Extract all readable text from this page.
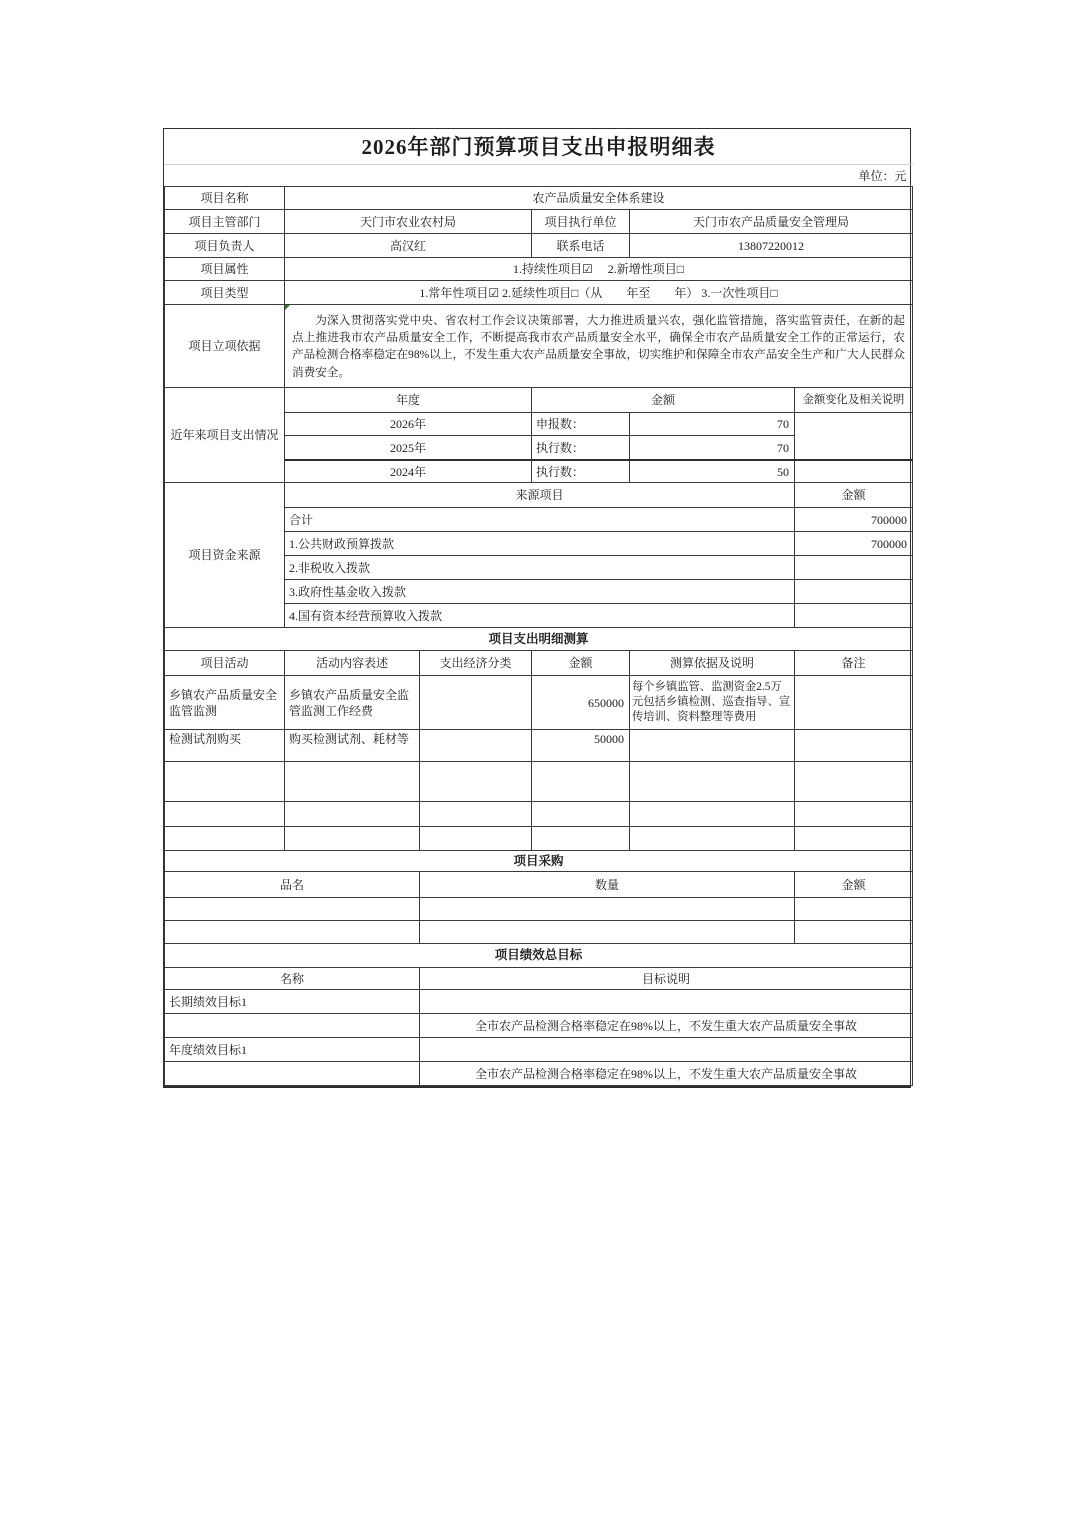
2026年部门预算项目支出申报明细表					
单位：元					
项目名称	农产品质量安全体系建设				
项目主管部门	天门市农业农村局		项目执行单位	天门市农产品质量安全管理局	
项目负责人	高汉红		联系电话	13807220012	
项目属性	1.持续性项目☑　 2.新增性项目□				
项目类型	1.常年性项目☑ 2.延续性项目□（从　　年至　　年） 3.一次性项目□				
项目立项依据	为深入贯彻落实党中央、省农村工作会议决策部署，大力推进质量兴农，强化监管措施，落实监管责任，在新的起点上推进我市农产品质量安全工作，不断提高我市农产品质量安全水平，确保全市农产品质量安全工作的正常运行，农产品检测合格率稳定在98%以上，不发生重大农产品质量安全事故，切实维护和保障全市农产品安全生产和广大人民群众消费安全。				
近年来项目支出情况	年度		金额		金额变化及相关说明
	2026年		申报数：	70	
	2025年		执行数：	70	
	2024年		执行数：	50	
项目资金来源	来源项目				金额
	合计				700000
	1.公共财政预算拨款				700000
	2.非税收入拨款				
	3.政府性基金收入拨款				
	4.国有资本经营预算收入拨款				
项目支出明细测算					
项目活动	活动内容表述	支出经济分类	金额	测算依据及说明	备注
乡镇农产品质量安全监管监测	乡镇农产品质量安全监管监测工作经费		650000	每个乡镇监管、监测资金2.5万元包括乡镇检测、巡查指导、宣传培训、资料整理等费用	
检测试剂购买	购买检测试剂、耗材等		50000		

项目采购					
品名		数量			金额

项目绩效总目标					
名称		目标说明			
长期绩效目标1					
		全市农产品检测合格率稳定在98%以上，不发生重大农产品质量安全事故			
年度绩效目标1					
		全市农产品检测合格率稳定在98%以上，不发生重大农产品质量安全事故			
